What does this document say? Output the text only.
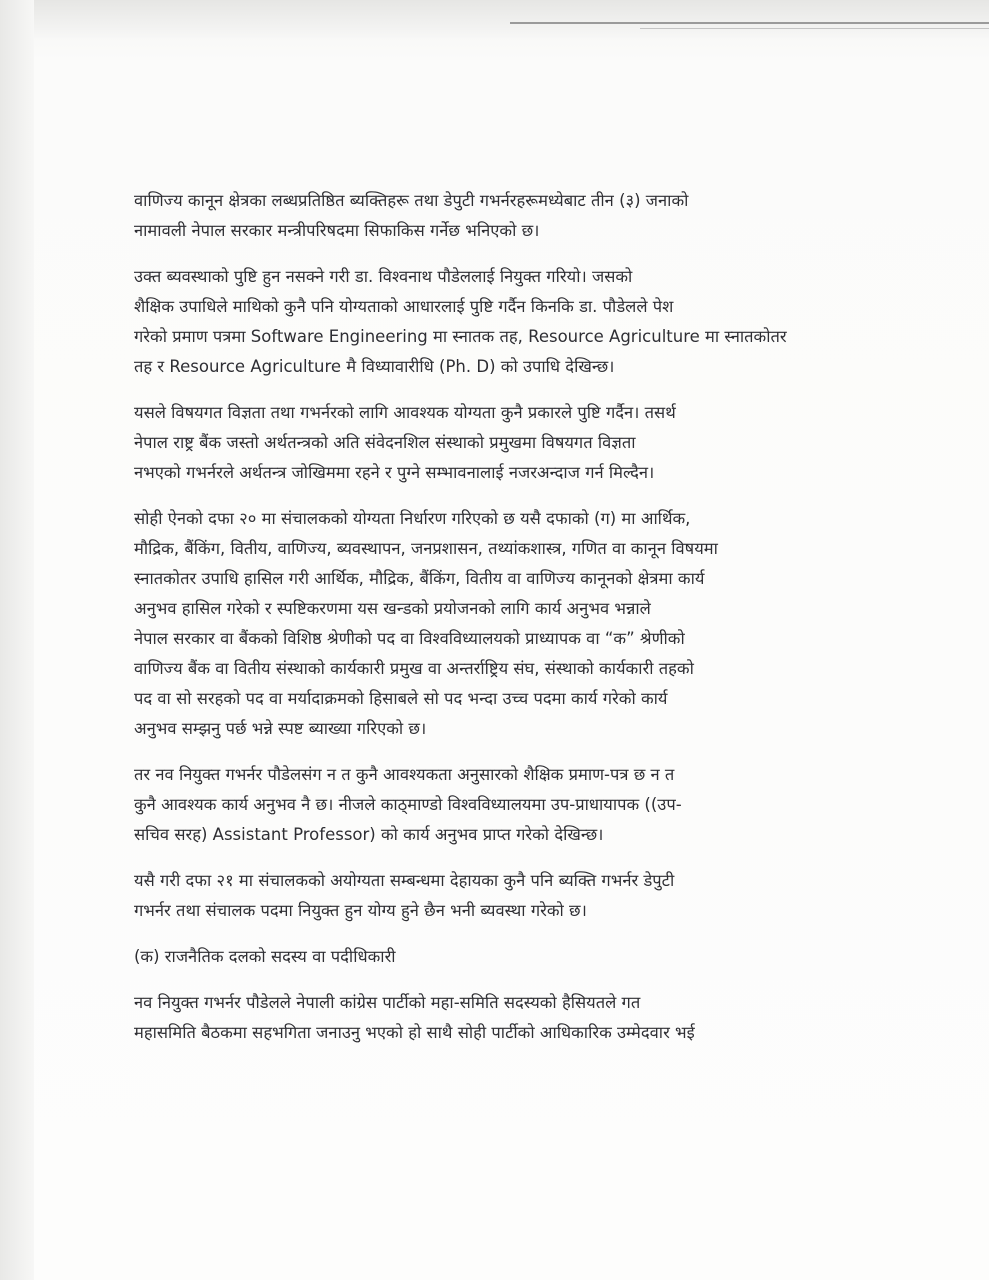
वाणिज्य कानून क्षेत्रका लब्धप्रतिष्ठित ब्यक्तिहरू तथा डेपुटी गभर्नरहरूमध्येबाट तीन (३) जनाको
नामावली नेपाल सरकार मन्त्रीपरिषदमा सिफाकिस गर्नेछ भनिएको छ।

उक्त ब्यवस्थाको पुष्टि हुन नसक्ने गरी डा. विश्वनाथ पौडेललाई नियुक्त गरियो। जसको
शैक्षिक उपाधिले माथिको कुनै पनि योग्यताको आधारलाई पुष्टि गर्दैन किनकि डा. पौडेलले पेश
गरेको प्रमाण पत्रमा Software Engineering मा स्नातक तह, Resource Agriculture मा स्नातकोतर
तह र Resource Agriculture मै विध्यावारीधि (Ph. D) को उपाधि देखिन्छ।

यसले विषयगत विज्ञता तथा गभर्नरको लागि आवश्यक योग्यता कुनै प्रकारले पुष्टि गर्दैन। तसर्थ
नेपाल राष्ट्र बैंक जस्तो अर्थतन्त्रको अति संवेदनशिल संस्थाको प्रमुखमा विषयगत विज्ञता
नभएको गभर्नरले अर्थतन्त्र जोखिममा रहने र पुग्ने सम्भावनालाई नजरअन्दाज गर्न मिल्दैन।

सोही ऐनको दफा २० मा संचालकको योग्यता निर्धारण गरिएको छ यसै दफाको (ग) मा आर्थिक,
मौद्रिक, बैंकिंग, वितीय, वाणिज्य, ब्यवस्थापन, जनप्रशासन, तथ्यांकशास्त्र, गणित वा कानून विषयमा
स्नातकोतर उपाधि हासिल गरी आर्थिक, मौद्रिक, बैंकिंग, वितीय वा वाणिज्य कानूनको क्षेत्रमा कार्य
अनुभव हासिल गरेको र स्पष्टिकरणमा यस खन्डको प्रयोजनको लागि कार्य अनुभव भन्नाले
नेपाल सरकार वा बैंकको विशिष्ठ श्रेणीको पद वा विश्वविध्यालयको प्राध्यापक वा “क” श्रेणीको
वाणिज्य बैंक वा वितीय संस्थाको कार्यकारी प्रमुख वा अन्तर्राष्ट्रिय संघ, संस्थाको कार्यकारी तहको
पद वा सो सरहको पद वा मर्यादाक्रमको हिसाबले सो पद भन्दा उच्च पदमा कार्य गरेको कार्य
अनुभव सम्झनु पर्छ भन्ने स्पष्ट ब्याख्या गरिएको छ।

तर नव नियुक्त गभर्नर पौडेलसंग न त कुनै आवश्यकता अनुसारको शैक्षिक प्रमाण-पत्र छ न त
कुनै आवश्यक कार्य अनुभव नै छ। नीजले काठ्माण्डो विश्वविध्यालयमा उप-प्राधायापक ((उप-
सचिव सरह) Assistant Professor) को कार्य अनुभव प्राप्त गरेको देखिन्छ।

यसै गरी दफा २१ मा संचालकको अयोग्यता सम्बन्धमा देहायका कुनै पनि ब्यक्ति गभर्नर डेपुटी
गभर्नर तथा संचालक पदमा नियुक्त हुन योग्य हुने छैन भनी ब्यवस्था गरेको छ।

(क) राजनैतिक दलको सदस्य वा पदीधिकारी

नव नियुक्त गभर्नर पौडेलले नेपाली कांग्रेस पार्टीको महा-समिति सदस्यको हैसियतले गत
महासमिति बैठकमा सहभगिता जनाउनु भएको हो साथै सोही पार्टीको आधिकारिक उम्मेदवार भई
